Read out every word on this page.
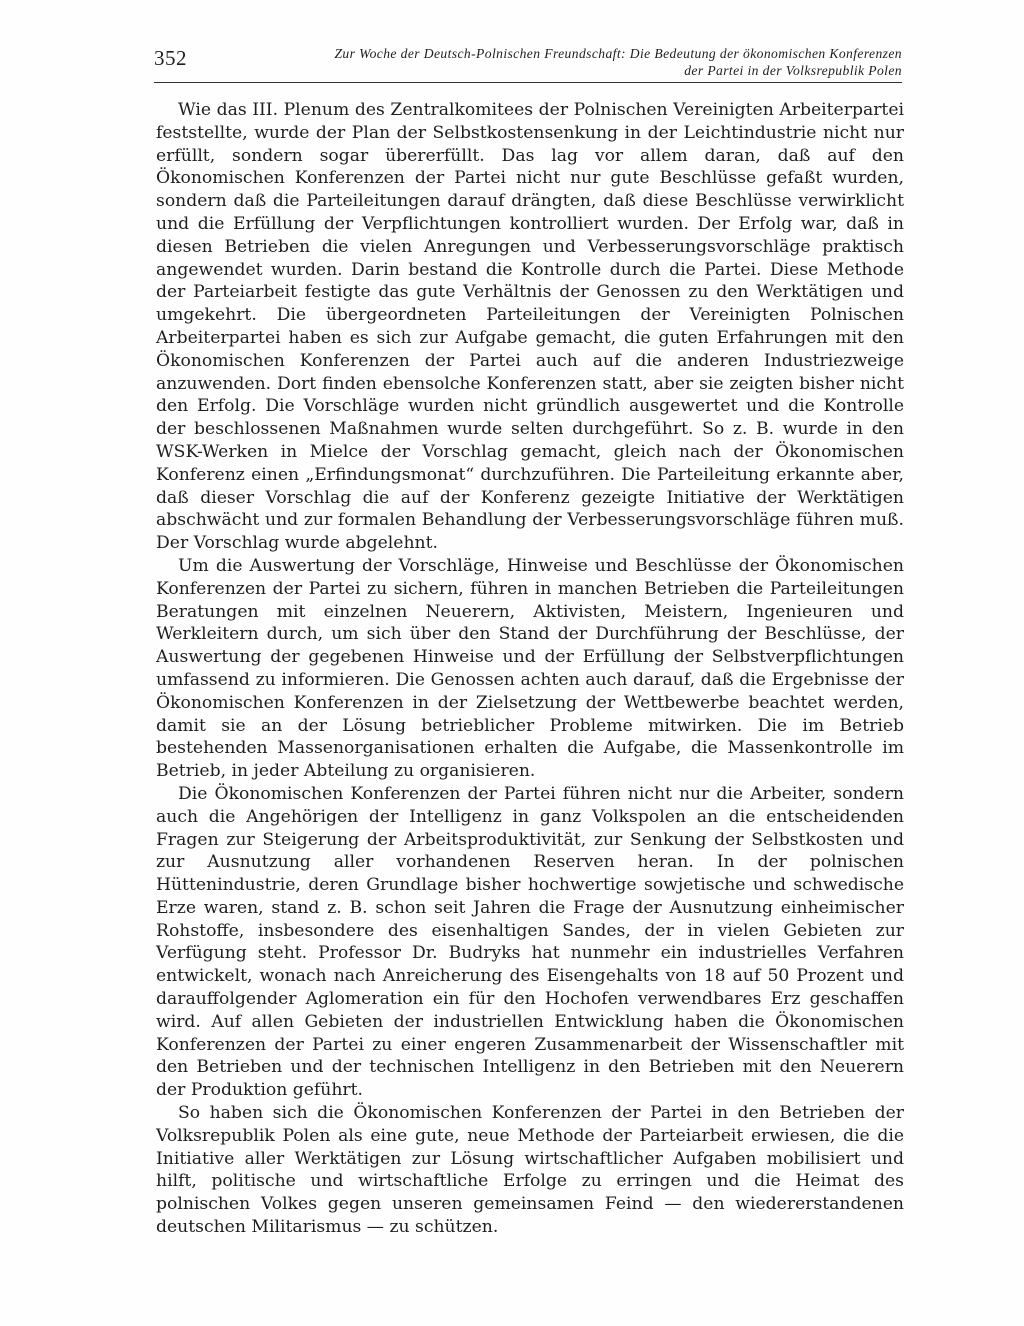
352	Zur Woche der Deutsch-Polnischen Freundschaft: Die Bedeutung der ökonomischen Konferenzen
der Partei in der Volksrepublik Polen

Wie das III. Plenum des Zentralkomitees der Polnischen Vereinigten Arbeiterpartei feststellte, wurde der Plan der Selbstkostensenkung in der Leichtindustrie nicht nur erfüllt, sondern sogar übererfüllt. Das lag vor allem daran, daß auf den Ökonomischen Konferenzen der Partei nicht nur gute Beschlüsse gefaßt wurden, sondern daß die Parteileitungen darauf drängten, daß diese Beschlüsse verwirklicht und die Erfüllung der Verpflichtungen kontrolliert wurden. Der Erfolg war, daß in diesen Betrieben die vielen Anregungen und Verbesserungsvorschläge praktisch angewendet wurden. Darin bestand die Kontrolle durch die Partei. Diese Methode der Parteiarbeit festigte das gute Verhältnis der Genossen zu den Werktätigen und umgekehrt. Die übergeordneten Parteileitungen der Vereinigten Polnischen Arbeiterpartei haben es sich zur Aufgabe gemacht, die guten Erfahrungen mit den Ökonomischen Konferenzen der Partei auch auf die anderen Industriezweige anzuwenden. Dort finden ebensolche Konferenzen statt, aber sie zeigten bisher nicht den Erfolg. Die Vorschläge wurden nicht gründlich ausgewertet und die Kontrolle der beschlossenen Maßnahmen wurde selten durchgeführt. So z. B. wurde in den WSK-Werken in Mielce der Vorschlag gemacht, gleich nach der Ökonomischen Konferenz einen „Erfindungsmonat“ durchzuführen. Die Parteileitung erkannte aber, daß dieser Vorschlag die auf der Konferenz gezeigte Initiative der Werktätigen abschwächt und zur formalen Behandlung der Verbesserungsvorschläge führen muß. Der Vorschlag wurde abgelehnt.

Um die Auswertung der Vorschläge, Hinweise und Beschlüsse der Ökonomischen Konferenzen der Partei zu sichern, führen in manchen Betrieben die Parteileitungen Beratungen mit einzelnen Neuerern, Aktivisten, Meistern, Ingenieuren und Werkleitern durch, um sich über den Stand der Durchführung der Beschlüsse, der Auswertung der gegebenen Hinweise und der Erfüllung der Selbstverpflichtungen umfassend zu informieren. Die Genossen achten auch darauf, daß die Ergebnisse der Ökonomischen Konferenzen in der Zielsetzung der Wettbewerbe beachtet werden, damit sie an der Lösung betrieblicher Probleme mitwirken. Die im Betrieb bestehenden Massenorganisationen erhalten die Aufgabe, die Massenkontrolle im Betrieb, in jeder Abteilung zu organisieren.

Die Ökonomischen Konferenzen der Partei führen nicht nur die Arbeiter, sondern auch die Angehörigen der Intelligenz in ganz Volkspolen an die entscheidenden Fragen zur Steigerung der Arbeitsproduktivität, zur Senkung der Selbstkosten und zur Ausnutzung aller vorhandenen Reserven heran. In der polnischen Hüttenindustrie, deren Grundlage bisher hochwertige sowjetische und schwedische Erze waren, stand z. B. schon seit Jahren die Frage der Ausnutzung einheimischer Rohstoffe, insbesondere des eisenhaltigen Sandes, der in vielen Gebieten zur Verfügung steht. Professor Dr. Budryks hat nunmehr ein industrielles Verfahren entwickelt, wonach nach Anreicherung des Eisengehalts von 18 auf 50 Prozent und darauffolgender Aglomeration ein für den Hochofen verwendbares Erz geschaffen wird. Auf allen Gebieten der industriellen Entwicklung haben die Ökonomischen Konferenzen der Partei zu einer engeren Zusammenarbeit der Wissenschaftler mit den Betrieben und der technischen Intelligenz in den Betrieben mit den Neuerern der Produktion geführt.

So haben sich die Ökonomischen Konferenzen der Partei in den Betrieben der Volksrepublik Polen als eine gute, neue Methode der Parteiarbeit erwiesen, die die Initiative aller Werktätigen zur Lösung wirtschaftlicher Aufgaben mobilisiert und hilft, politische und wirtschaftliche Erfolge zu erringen und die Heimat des polnischen Volkes gegen unseren gemeinsamen Feind — den wiedererstandenen deutschen Militarismus — zu schützen.
